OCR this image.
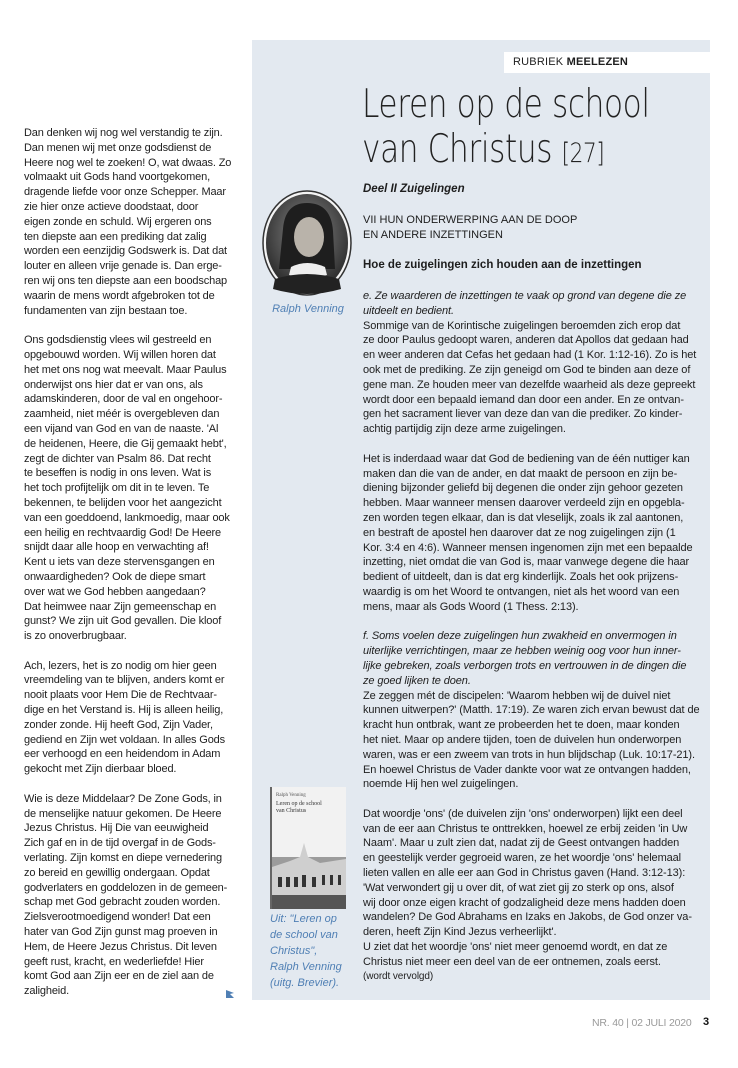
RUBRIEK MEELEZEN
Leren op de school
van Christus [27]
Deel II Zuigelingen
VII HUN ONDERWERPING AAN DE DOOP
EN ANDERE INZETTINGEN
Hoe de zuigelingen zich houden aan de inzettingen
Ralph Venning
Ralph Venning
Leren op de school
van Christus
Uit: "Leren op
de school van
Christus",
Ralph Venning
(uitg. Brevier).
Dan denken wij nog wel verstandig te zijn.
Dan menen wij met onze godsdienst de
Heere nog wel te zoeken! O, wat dwaas. Zo
volmaakt uit Gods hand voortgekomen,
dragende liefde voor onze Schepper. Maar
zie hier onze actieve doodstaat, door
eigen zonde en schuld. Wij ergeren ons
ten diepste aan een prediking dat zalig
worden een eenzijdig Godswerk is. Dat dat
louter en alleen vrije genade is. Dan erge-
ren wij ons ten diepste aan een boodschap
waarin de mens wordt afgebroken tot de
fundamenten van zijn bestaan toe.
Ons godsdienstig vlees wil gestreeld en
opgebouwd worden. Wij willen horen dat
het met ons nog wat meevalt. Maar Paulus
onderwijst ons hier dat er van ons, als
adamskinderen, door de val en ongehoor-
zaamheid, niet méér is overgebleven dan
een vijand van God en van de naaste. 'Al
de heidenen, Heere, die Gij gemaakt hebt',
zegt de dichter van Psalm 86. Dat recht
te beseffen is nodig in ons leven. Wat is
het toch profijtelijk om dit in te leven. Te
bekennen, te belijden voor het aangezicht
van een goeddoend, lankmoedig, maar ook
een heilig en rechtvaardig God! De Heere
snijdt daar alle hoop en verwachting af!
Kent u iets van deze stervensgangen en
onwaardigheden? Ook de diepe smart
over wat we God hebben aangedaan?
Dat heimwee naar Zijn gemeenschap en
gunst? We zijn uit God gevallen. Die kloof
is zo onoverbrugbaar.
Ach, lezers, het is zo nodig om hier geen
vreemdeling van te blijven, anders komt er
nooit plaats voor Hem Die de Rechtvaar-
dige en het Verstand is. Hij is alleen heilig,
zonder zonde. Hij heeft God, Zijn Vader,
gediend en Zijn wet voldaan. In alles Gods
eer verhoogd en een heidendom in Adam
gekocht met Zijn dierbaar bloed.
Wie is deze Middelaar? De Zone Gods, in
de menselijke natuur gekomen. De Heere
Jezus Christus. Hij Die van eeuwigheid
Zich gaf en in de tijd overgaf in de Gods-
verlating. Zijn komst en diepe vernedering
zo bereid en gewillig ondergaan. Opdat
godverlaters en goddelozen in de gemeen-
schap met God gebracht zouden worden.
Zielsverootmoedigend wonder! Dat een
hater van God Zijn gunst mag proeven in
Hem, de Heere Jezus Christus. Dit leven
geeft rust, kracht, en wederliefde! Hier
komt God aan Zijn eer en de ziel aan de
zaligheid.
e. Ze waarderen de inzettingen te vaak op grond van degene die ze
uitdeelt en bedient.
Sommige van de Korintische zuigelingen beroemden zich erop dat
ze door Paulus gedoopt waren, anderen dat Apollos dat gedaan had
en weer anderen dat Cefas het gedaan had (1 Kor. 1:12-16). Zo is het
ook met de prediking. Ze zijn geneigd om God te binden aan deze of
gene man. Ze houden meer van dezelfde waarheid als deze gepreekt
wordt door een bepaald iemand dan door een ander. En ze ontvan-
gen het sacrament liever van deze dan van die prediker. Zo kinder-
achtig partijdig zijn deze arme zuigelingen.
Het is inderdaad waar dat God de bediening van de één nuttiger kan
maken dan die van de ander, en dat maakt de persoon en zijn be-
diening bijzonder geliefd bij degenen die onder zijn gehoor gezeten
hebben. Maar wanneer mensen daarover verdeeld zijn en opgebla-
zen worden tegen elkaar, dan is dat vleselijk, zoals ik zal aantonen,
en bestraft de apostel hen daarover dat ze nog zuigelingen zijn (1
Kor. 3:4 en 4:6). Wanneer mensen ingenomen zijn met een bepaalde
inzetting, niet omdat die van God is, maar vanwege degene die haar
bedient of uitdeelt, dan is dat erg kinderlijk. Zoals het ook prijzens-
waardig is om het Woord te ontvangen, niet als het woord van een
mens, maar als Gods Woord (1 Thess. 2:13).
f. Soms voelen deze zuigelingen hun zwakheid en onvermogen in
uiterlijke verrichtingen, maar ze hebben weinig oog voor hun inner-
lijke gebreken, zoals verborgen trots en vertrouwen in de dingen die
ze goed lijken te doen.
Ze zeggen mét de discipelen: 'Waarom hebben wij de duivel niet
kunnen uitwerpen?' (Matth. 17:19). Ze waren zich ervan bewust dat de
kracht hun ontbrak, want ze probeerden het te doen, maar konden
het niet. Maar op andere tijden, toen de duivelen hun onderworpen
waren, was er een zweem van trots in hun blijdschap (Luk. 10:17-21).
En hoewel Christus de Vader dankte voor wat ze ontvangen hadden,
noemde Hij hen wel zuigelingen.
Dat woordje 'ons' (de duivelen zijn 'ons' onderworpen) lijkt een deel
van de eer aan Christus te onttrekken, hoewel ze erbij zeiden 'in Uw
Naam'. Maar u zult zien dat, nadat zij de Geest ontvangen hadden
en geestelijk verder gegroeid waren, ze het woordje 'ons' helemaal
lieten vallen en alle eer aan God in Christus gaven (Hand. 3:12-13):
'Wat verwondert gij u over dit, of wat ziet gij zo sterk op ons, alsof
wij door onze eigen kracht of godzaligheid deze mens hadden doen
wandelen? De God Abrahams en Izaks en Jakobs, de God onzer va-
deren, heeft Zijn Kind Jezus verheerlijkt'.
U ziet dat het woordje 'ons' niet meer genoemd wordt, en dat ze
Christus niet meer een deel van de eer ontnemen, zoals eerst.
(wordt vervolgd)
NR. 40 | 02 JULI 2020 3
